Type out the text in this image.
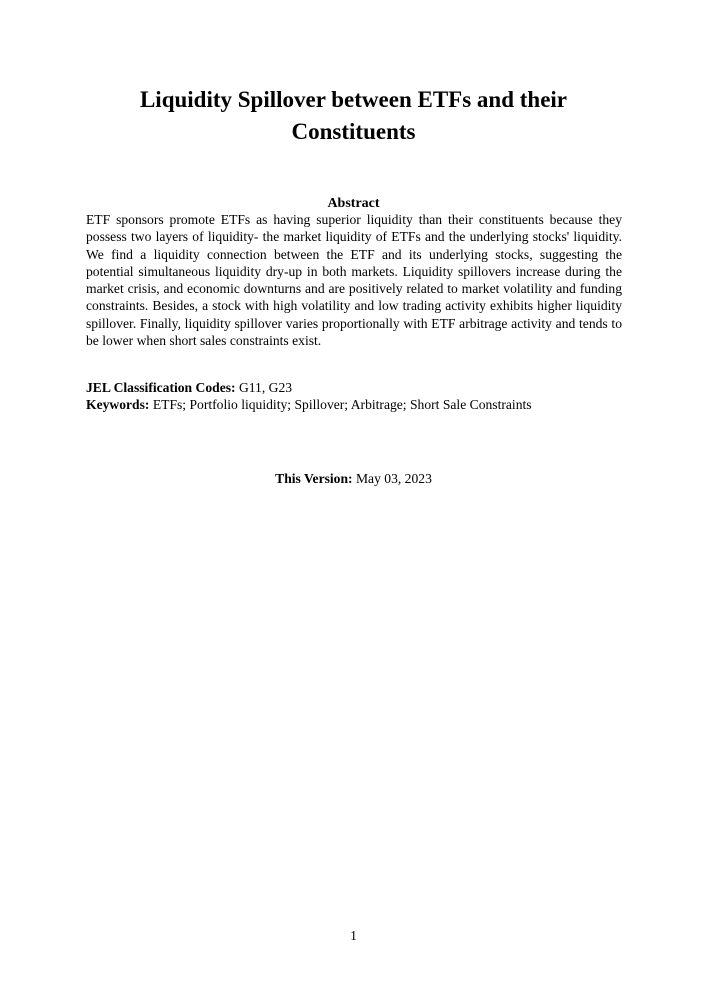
Liquidity Spillover between ETFs and their Constituents
Abstract

ETF sponsors promote ETFs as having superior liquidity than their constituents because they possess two layers of liquidity- the market liquidity of ETFs and the underlying stocks' liquidity. We find a liquidity connection between the ETF and its underlying stocks, suggesting the potential simultaneous liquidity dry-up in both markets. Liquidity spillovers increase during the market crisis, and economic downturns and are positively related to market volatility and funding constraints. Besides, a stock with high volatility and low trading activity exhibits higher liquidity spillover. Finally, liquidity spillover varies proportionally with ETF arbitrage activity and tends to be lower when short sales constraints exist.

JEL Classification Codes: G11, G23
Keywords: ETFs; Portfolio liquidity; Spillover; Arbitrage; Short Sale Constraints
This Version: May 03, 2023
1
